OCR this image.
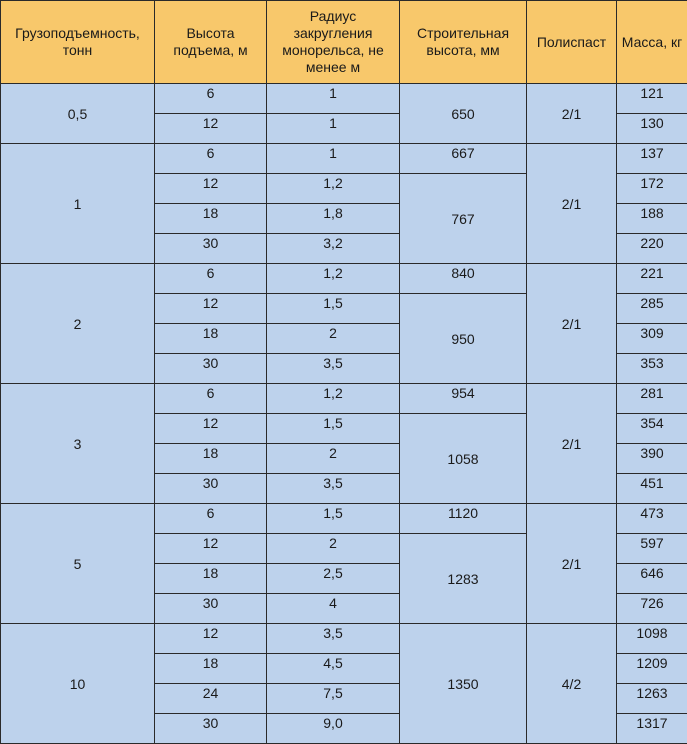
Грузоподъемность, тонн	Высота подъема, м	Радиус закругления монорельса, не менее м	Строительная высота, мм	Полиспаст	Масса, кг
0,5	6	1	650	2/1	121
	12	1			130
1	6	1	667	2/1	137
	12	1,2	767		172
	18	1,8			188
	30	3,2			220
2	6	1,2	840	2/1	221
	12	1,5	950		285
	18	2			309
	30	3,5			353
3	6	1,2	954	2/1	281
	12	1,5	1058		354
	18	2			390
	30	3,5			451
5	6	1,5	1120	2/1	473
	12	2	1283		597
	18	2,5			646
	30	4			726
10	12	3,5	1350	4/2	1098
	18	4,5			1209
	24	7,5			1263
	30	9,0			1317
